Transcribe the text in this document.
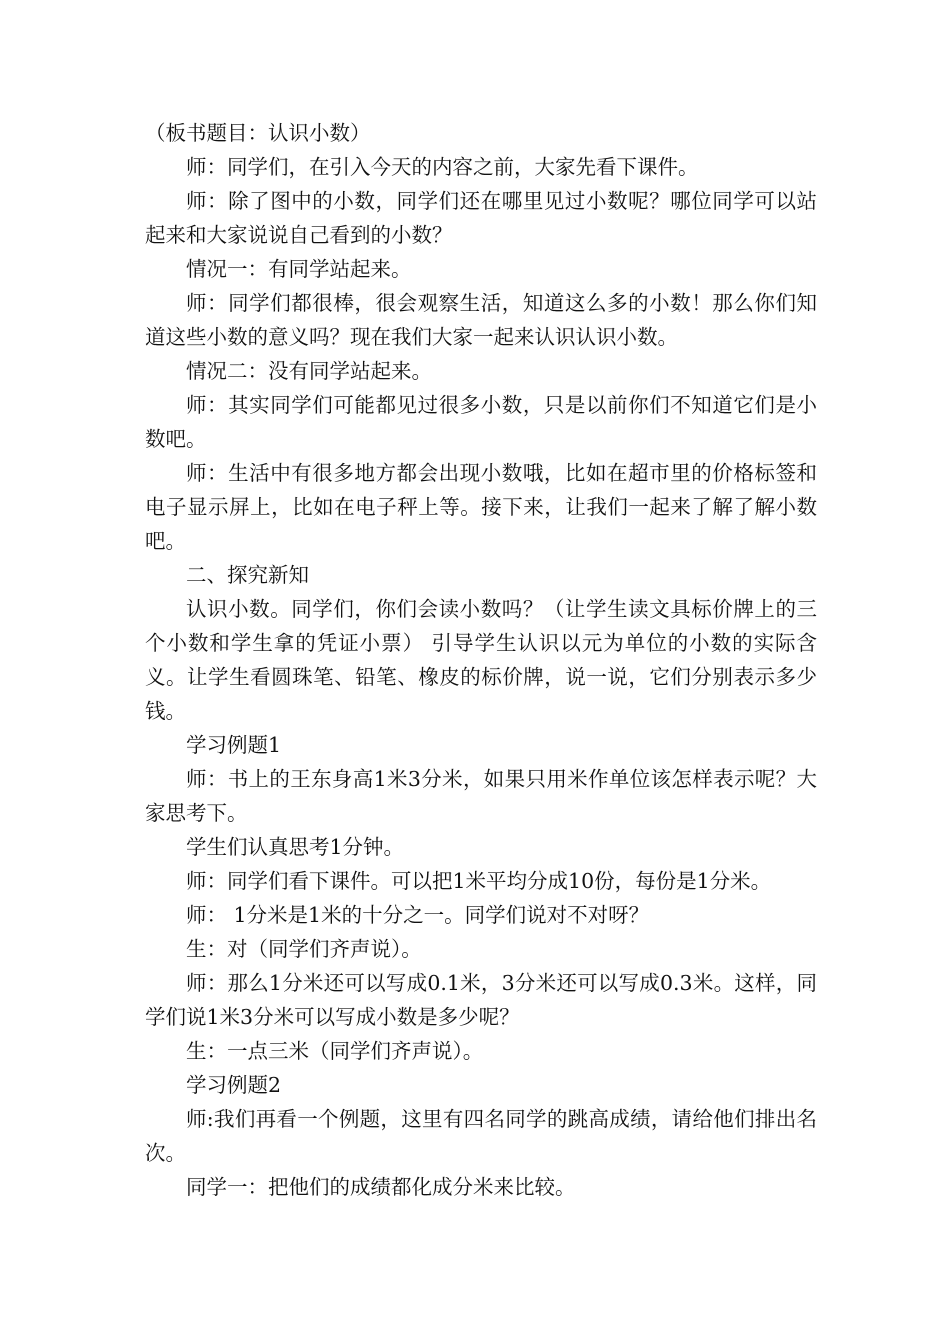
（板书题目：认识小数）

师：同学们，在引入今天的内容之前，大家先看下课件。

师：除了图中的小数，同学们还在哪里见过小数呢？哪位同学可以站起来和大家说说自己看到的小数？

情况一：有同学站起来。

师：同学们都很棒，很会观察生活，知道这么多的小数！那么你们知道这些小数的意义吗？现在我们大家一起来认识认识小数。

情况二：没有同学站起来。

师：其实同学们可能都见过很多小数，只是以前你们不知道它们是小数吧。

师：生活中有很多地方都会出现小数哦，比如在超市里的价格标签和电子显示屏上，比如在电子秤上等。接下来，让我们一起来了解了解小数吧。

二、探究新知

认识小数。同学们，你们会读小数吗？（让学生读文具标价牌上的三个小数和学生拿的凭证小票） 引导学生认识以元为单位的小数的实际含义。让学生看圆珠笔、铅笔、橡皮的标价牌，说一说，它们分别表示多少钱。

学习例题1

师：书上的王东身高1米3分米，如果只用米作单位该怎样表示呢？大家思考下。

学生们认真思考1分钟。

师：同学们看下课件。可以把1米平均分成10份，每份是1分米。

师： 1分米是1米的十分之一。同学们说对不对呀？

生：对（同学们齐声说）。

师：那么1分米还可以写成0.1米，3分米还可以写成0.3米。这样，同学们说1米3分米可以写成小数是多少呢？

生：一点三米（同学们齐声说）。

学习例题2

师:我们再看一个例题，这里有四名同学的跳高成绩，请给他们排出名次。

同学一：把他们的成绩都化成分米来比较。
